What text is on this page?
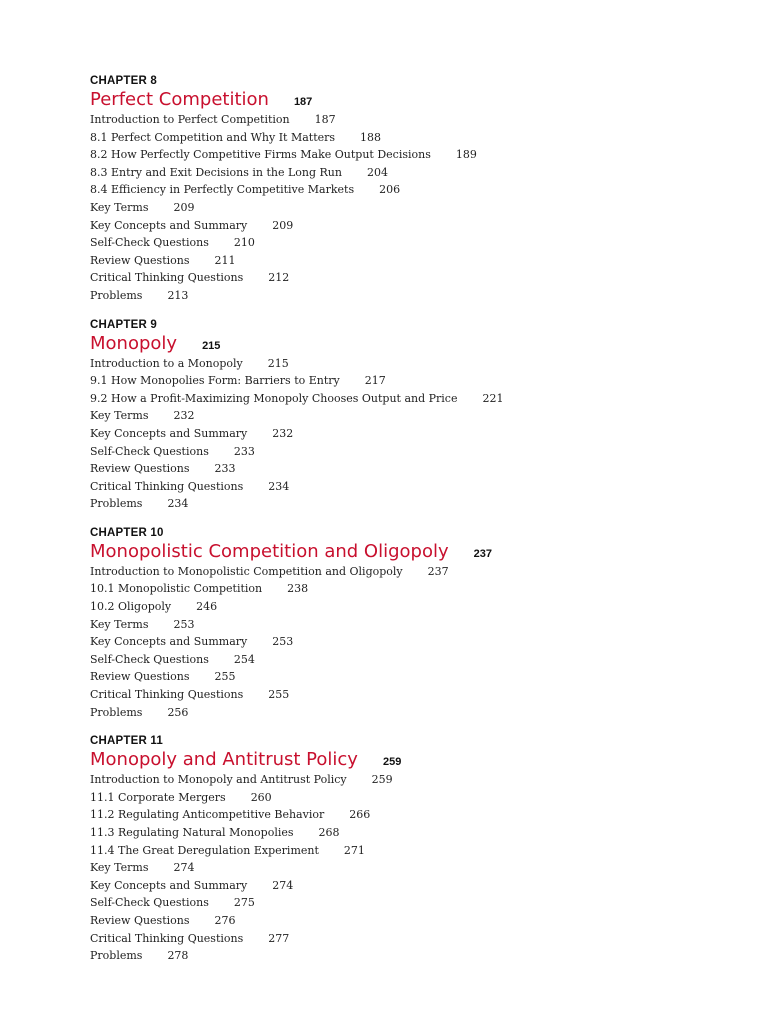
CHAPTER 8
Perfect Competition 187
Introduction to Perfect Competition 187
8.1 Perfect Competition and Why It Matters 188
8.2 How Perfectly Competitive Firms Make Output Decisions 189
8.3 Entry and Exit Decisions in the Long Run 204
8.4 Efficiency in Perfectly Competitive Markets 206
Key Terms 209
Key Concepts and Summary 209
Self-Check Questions 210
Review Questions 211
Critical Thinking Questions 212
Problems 213
CHAPTER 9
Monopoly 215
Introduction to a Monopoly 215
9.1 How Monopolies Form: Barriers to Entry 217
9.2 How a Profit-Maximizing Monopoly Chooses Output and Price 221
Key Terms 232
Key Concepts and Summary 232
Self-Check Questions 233
Review Questions 233
Critical Thinking Questions 234
Problems 234
CHAPTER 10
Monopolistic Competition and Oligopoly 237
Introduction to Monopolistic Competition and Oligopoly 237
10.1 Monopolistic Competition 238
10.2 Oligopoly 246
Key Terms 253
Key Concepts and Summary 253
Self-Check Questions 254
Review Questions 255
Critical Thinking Questions 255
Problems 256
CHAPTER 11
Monopoly and Antitrust Policy 259
Introduction to Monopoly and Antitrust Policy 259
11.1 Corporate Mergers 260
11.2 Regulating Anticompetitive Behavior 266
11.3 Regulating Natural Monopolies 268
11.4 The Great Deregulation Experiment 271
Key Terms 274
Key Concepts and Summary 274
Self-Check Questions 275
Review Questions 276
Critical Thinking Questions 277
Problems 278
